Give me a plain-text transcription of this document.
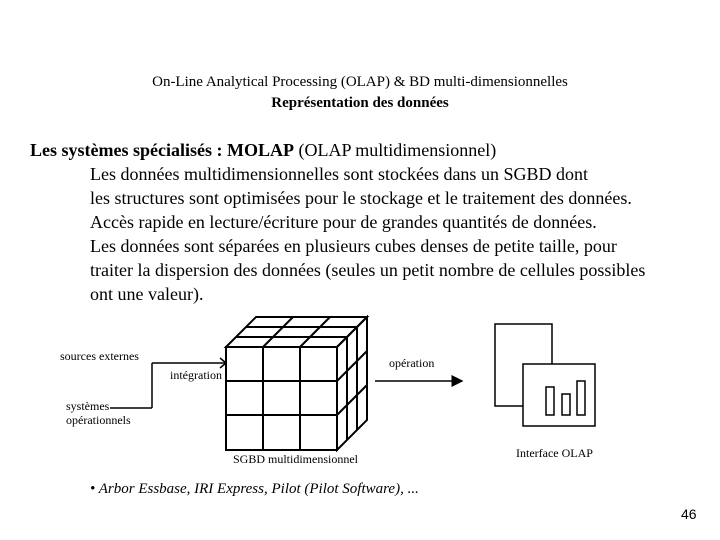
On-Line Analytical Processing (OLAP) & BD multi-dimensionnelles
Représentation des données
Les systèmes spécialisés : MOLAP (OLAP multidimensionnel)
Les données multidimensionnelles sont stockées dans un SGBD dont
les structures sont optimisées pour le stockage et le traitement des données.
Accès rapide en lecture/écriture pour de grandes quantités de données.
Les données sont séparées en plusieurs cubes denses de petite taille, pour
traiter la dispersion des données (seules un petit nombre de cellules possibles
ont une valeur).
sources externes
intégration
opération
systèmes
opérationnels
SGBD multidimensionnel	Interface OLAP
• Arbor Essbase, IRI Express, Pilot (Pilot Software), ...
46
